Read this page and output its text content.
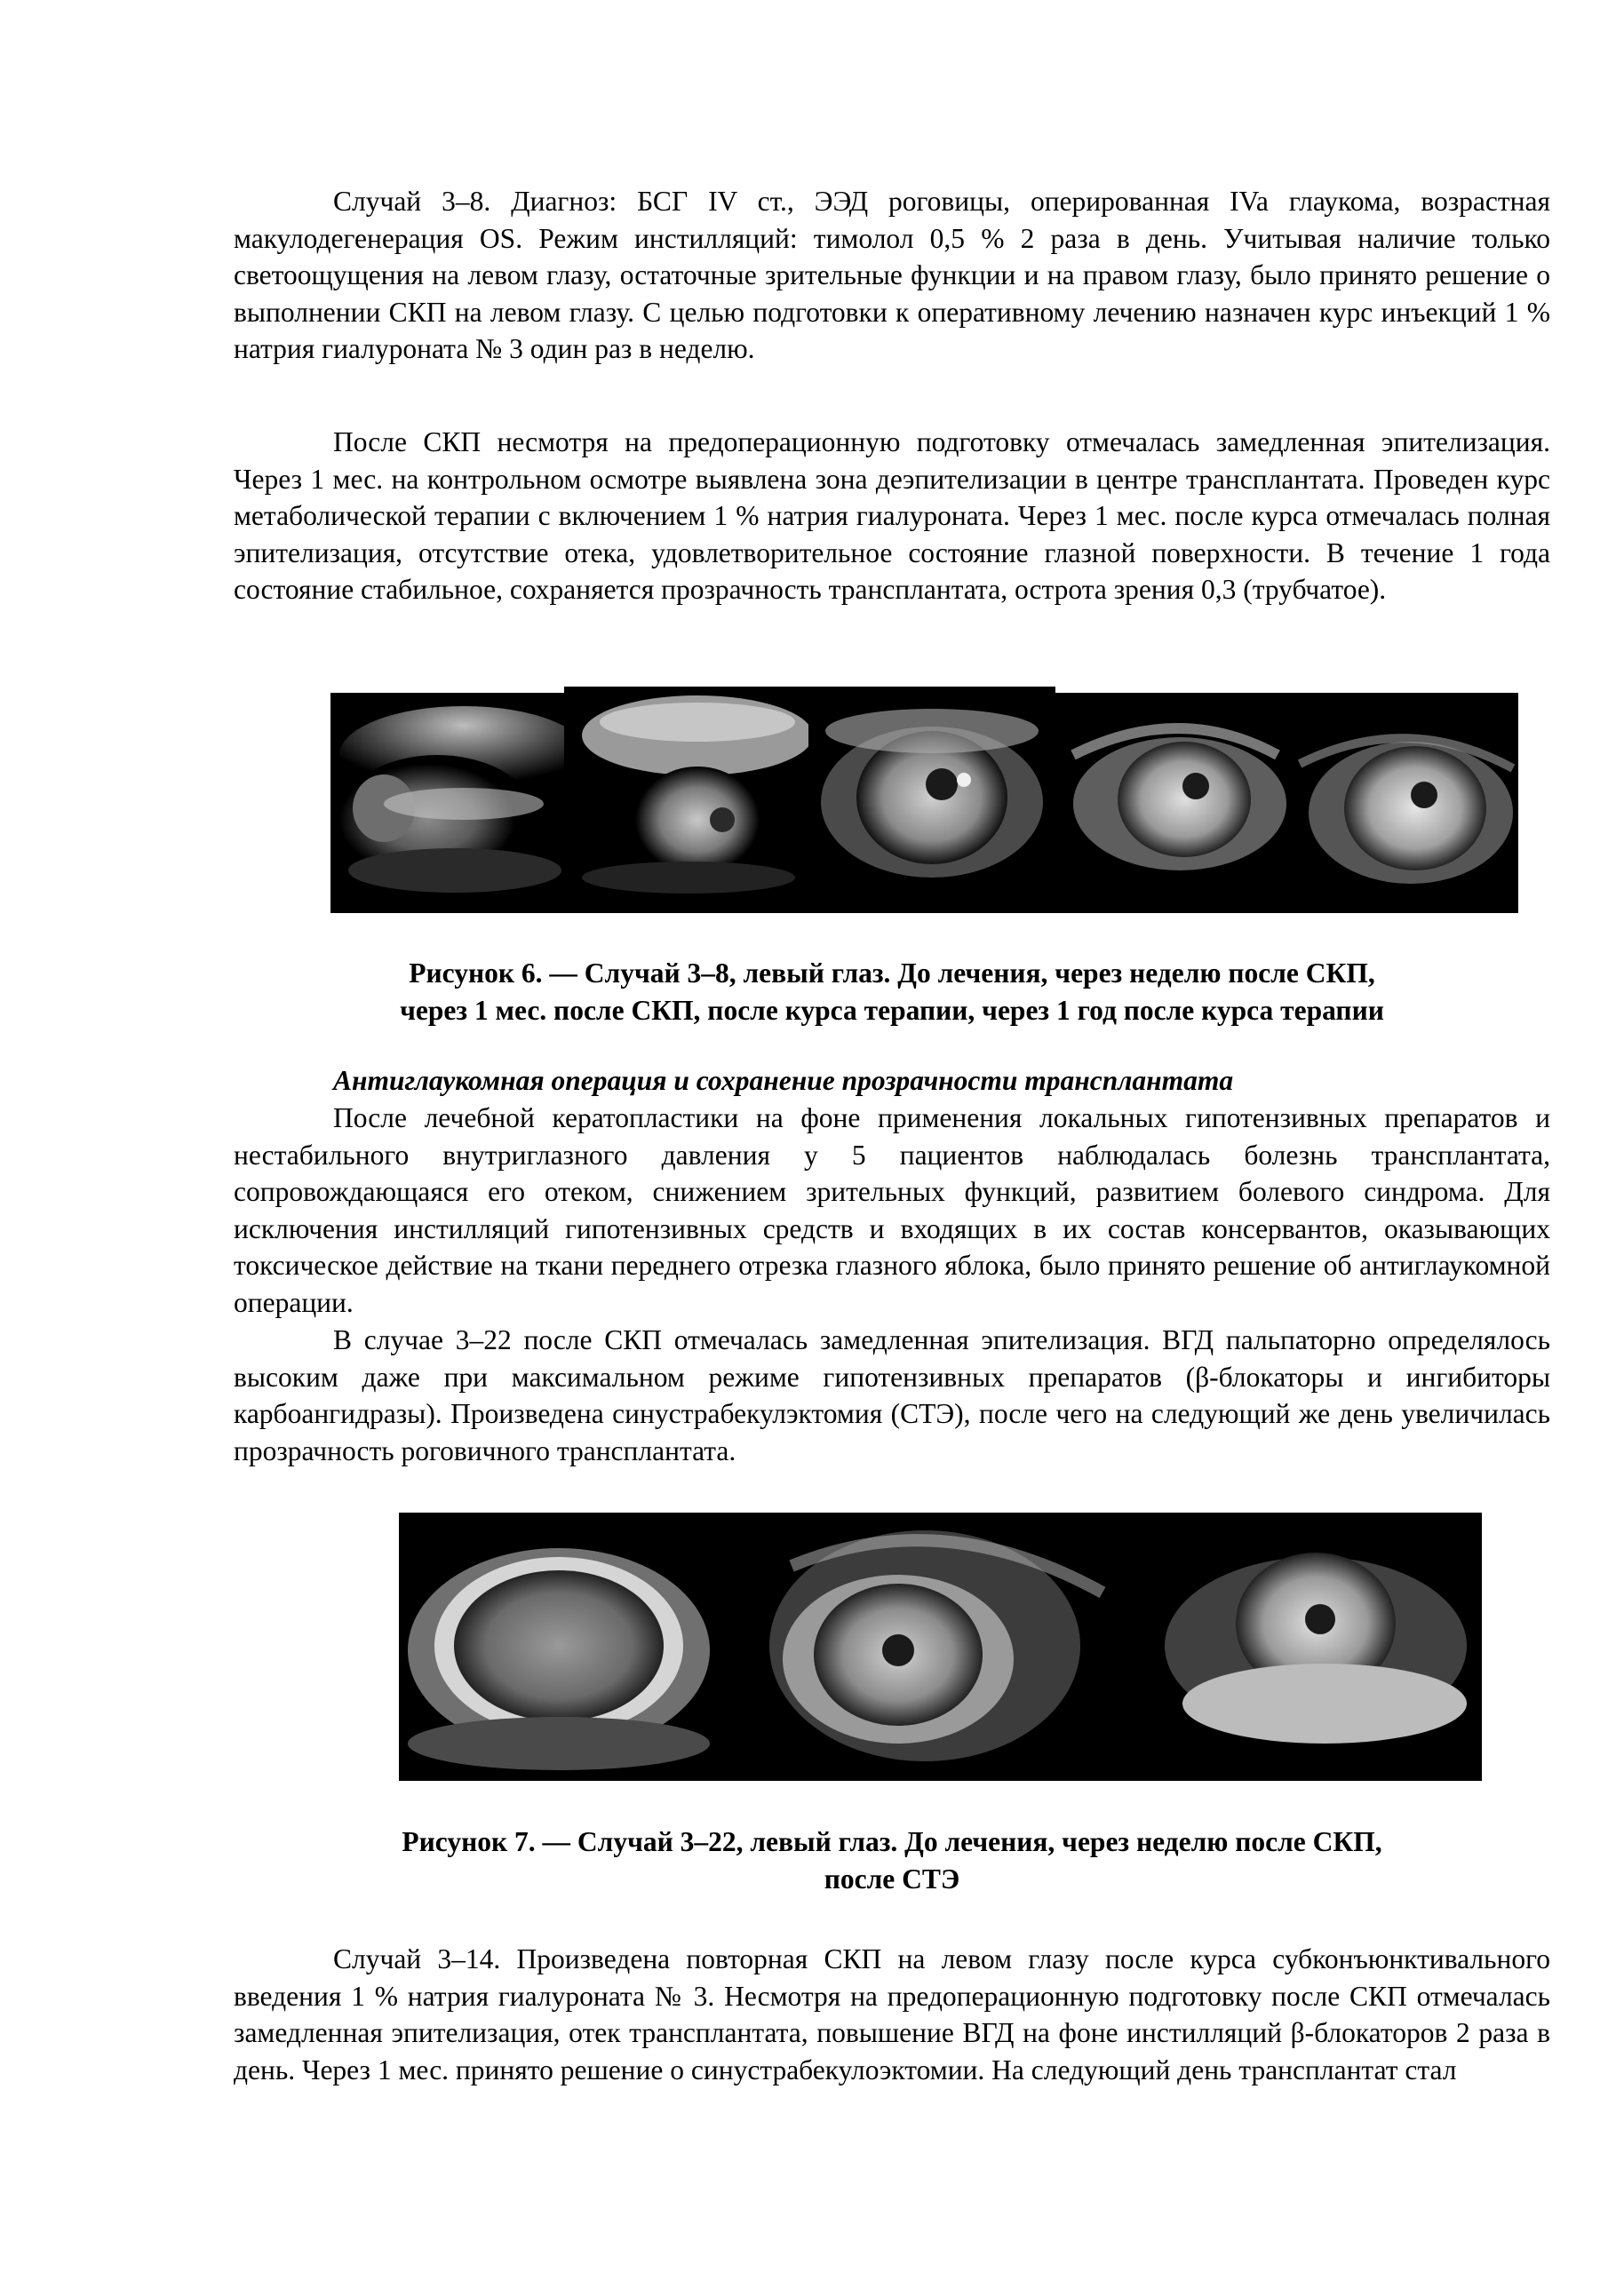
Случай 3–8. Диагноз: БСГ IV ст., ЭЭД роговицы, оперированная IVa глаукома, возрастная макулодегенерация OS. Режим инстилляций: тимолол 0,5 % 2 раза в день. Учитывая наличие только светоощущения на левом глазу, остаточные зрительные функции и на правом глазу, было принято решение о выполнении СКП на левом глазу. С целью подготовки к оперативному лечению назначен курс инъекций 1 % натрия гиалуроната № 3 один раз в неделю.

После СКП несмотря на предоперационную подготовку отмечалась замедленная эпителизация. Через 1 мес. на контрольном осмотре выявлена зона деэпителизации в центре трансплантата. Проведен курс метаболической терапии с включением 1 % натрия гиалуроната. Через 1 мес. после курса отмечалась полная эпителизация, отсутствие отека, удовлетворительное состояние глазной поверхности. В течение 1 года состояние стабильное, сохраняется прозрачность трансплантата, острота зрения 0,3 (трубчатое).

Рисунок 6. — Случай 3–8, левый глаз. До лечения, через неделю после СКП,

через 1 мес. после СКП, после курса терапии, через 1 год после курса терапии

Антиглаукомная операция и сохранение прозрачности трансплантата

После лечебной кератопластики на фоне применения локальных гипотензивных препаратов и нестабильного внутриглазного давления у 5 пациентов наблюдалась болезнь трансплантата, сопровождающаяся его отеком, снижением зрительных функций, развитием болевого синдрома. Для исключения инстилляций гипотензивных средств и входящих в их состав консервантов, оказывающих токсическое действие на ткани переднего отрезка глазного яблока, было принято решение об антиглаукомной операции.

В случае 3–22 после СКП отмечалась замедленная эпителизация. ВГД пальпаторно определялось высоким даже при максимальном режиме гипотензивных препаратов (β-блокаторы и ингибиторы карбоангидразы). Произведена синустрабекулэктомия (СТЭ), после чего на следующий же день увеличилась прозрачность роговичного трансплантата.

Рисунок 7. — Случай 3–22, левый глаз. До лечения, через неделю после СКП,

после СТЭ

Случай 3–14. Произведена повторная СКП на левом глазу после курса субконъюнктивального введения 1 % натрия гиалуроната № 3. Несмотря на предоперационную подготовку после СКП отмечалась замедленная эпителизация, отек трансплантата, повышение ВГД на фоне инстилляций β-блокаторов 2 раза в день. Через 1 мес. принято решение о синустрабекулоэктомии. На следующий день трансплантат стал
